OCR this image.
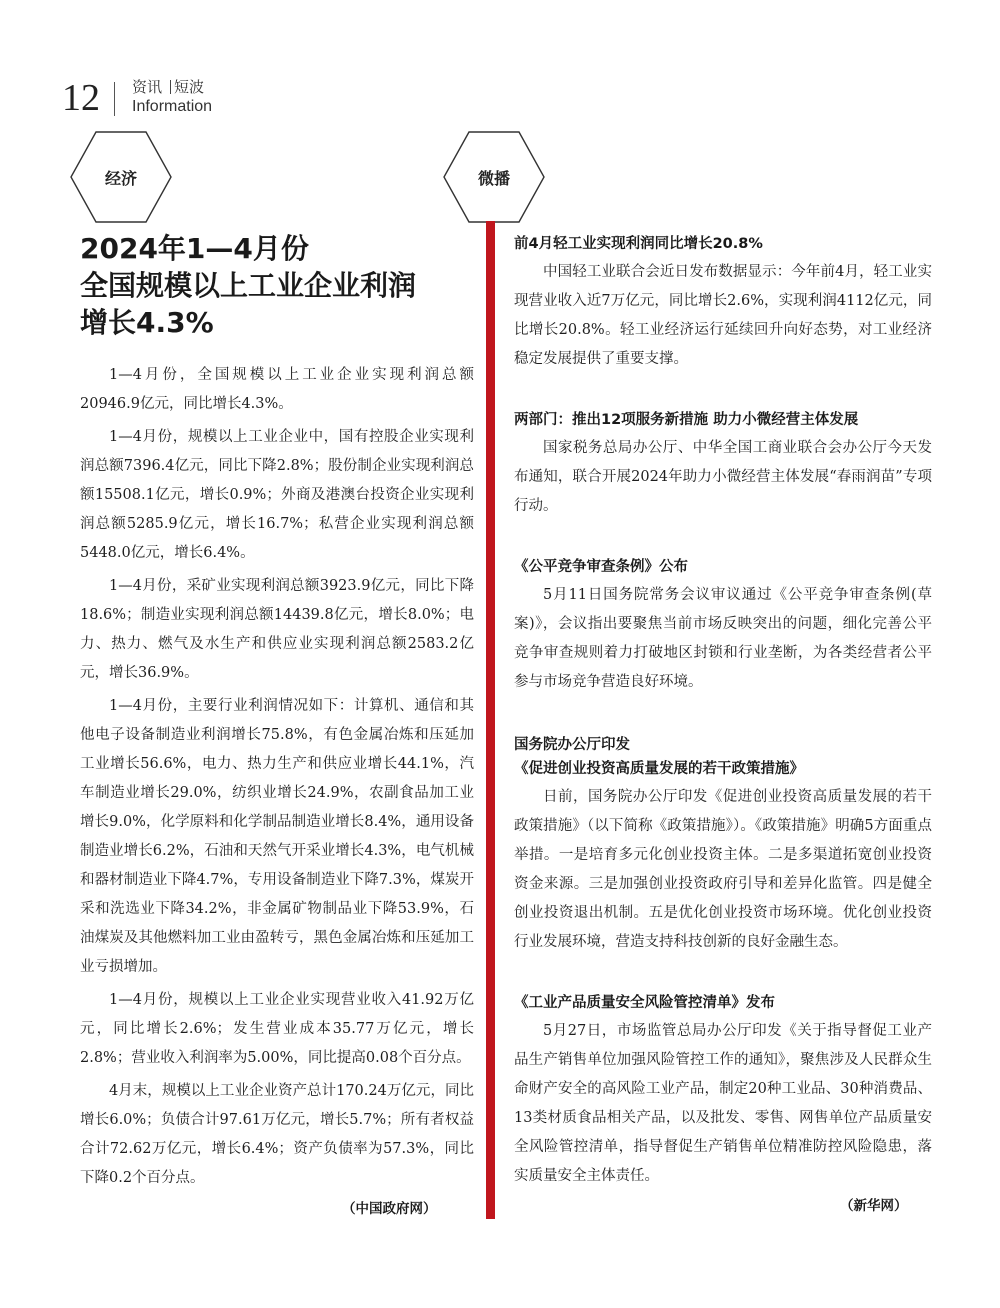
12 资讯 短波
Information
经济	微播
2024年1—4月份
全国规模以上工业企业利润
增长4.3%

1—4月份，全国规模以上工业企业实现利润总额20946.9亿元，同比增长4.3%。

1—4月份，规模以上工业企业中，国有控股企业实现利润总额7396.4亿元，同比下降2.8%；股份制企业实现利润总额15508.1亿元，增长0.9%；外商及港澳台投资企业实现利润总额5285.9亿元，增长16.7%；私营企业实现利润总额5448.0亿元，增长6.4%。

1—4月份，采矿业实现利润总额3923.9亿元，同比下降18.6%；制造业实现利润总额14439.8亿元，增长8.0%；电力、热力、燃气及水生产和供应业实现利润总额2583.2亿元，增长36.9%。

1—4月份，主要行业利润情况如下：计算机、通信和其他电子设备制造业利润增长75.8%，有色金属冶炼和压延加工业增长56.6%，电力、热力生产和供应业增长44.1%，汽车制造业增长29.0%，纺织业增长24.9%，农副食品加工业增长9.0%，化学原料和化学制品制造业增长8.4%，通用设备制造业增长6.2%，石油和天然气开采业增长4.3%，电气机械和器材制造业下降4.7%，专用设备制造业下降7.3%，煤炭开采和洗选业下降34.2%，非金属矿物制品业下降53.9%，石油煤炭及其他燃料加工业由盈转亏，黑色金属冶炼和压延加工业亏损增加。

1—4月份，规模以上工业企业实现营业收入41.92万亿元，同比增长2.6%；发生营业成本35.77万亿元，增长2.8%；营业收入利润率为5.00%，同比提高0.08个百分点。

4月末，规模以上工业企业资产总计170.24万亿元，同比增长6.0%；负债合计97.61万亿元，增长5.7%；所有者权益合计72.62万亿元，增长6.4%；资产负债率为57.3%，同比下降0.2个百分点。

（中国政府网）
前4月轻工业实现利润同比增长20.8%

中国轻工业联合会近日发布数据显示：今年前4月，轻工业实现营业收入近7万亿元，同比增长2.6%，实现利润4112亿元，同比增长20.8%。轻工业经济运行延续回升向好态势，对工业经济稳定发展提供了重要支撑。

两部门：推出12项服务新措施 助力小微经营主体发展

国家税务总局办公厅、中华全国工商业联合会办公厅今天发布通知，联合开展2024年助力小微经营主体发展“春雨润苗”专项行动。

《公平竞争审查条例》公布

5月11日国务院常务会议审议通过《公平竞争审查条例(草案)》，会议指出要聚焦当前市场反映突出的问题，细化完善公平竞争审查规则着力打破地区封锁和行业垄断，为各类经营者公平参与市场竞争营造良好环境。

国务院办公厅印发
《促进创业投资高质量发展的若干政策措施》

日前，国务院办公厅印发《促进创业投资高质量发展的若干政策措施》（以下简称《政策措施》）。《政策措施》明确5方面重点举措。一是培育多元化创业投资主体。二是多渠道拓宽创业投资资金来源。三是加强创业投资政府引导和差异化监管。四是健全创业投资退出机制。五是优化创业投资市场环境。优化创业投资行业发展环境，营造支持科技创新的良好金融生态。

《工业产品质量安全风险管控清单》发布

5月27日，市场监管总局办公厅印发《关于指导督促工业产品生产销售单位加强风险管控工作的通知》，聚焦涉及人民群众生命财产安全的高风险工业产品，制定20种工业品、30种消费品、13类材质食品相关产品，以及批发、零售、网售单位产品质量安全风险管控清单，指导督促生产销售单位精准防控风险隐患，落实质量安全主体责任。

（新华网）
